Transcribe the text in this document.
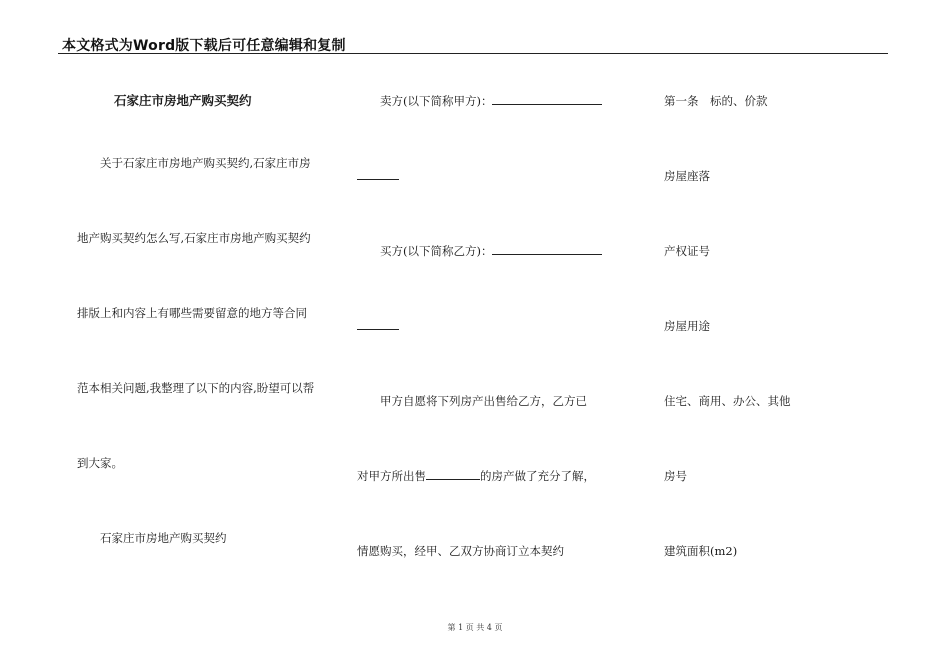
本文格式为Word版下载后可任意编辑和复制
石家庄市房地产购买契约
关于石家庄市房地产购买契约,石家庄市房
地产购买契约怎么写,石家庄市房地产购买契约
排版上和内容上有哪些需要留意的地方等合同
范本相关问题,我整理了以下的内容,盼望可以帮
到大家。
石家庄市房地产购买契约
卖方(以下简称甲方)：
买方(以下简称乙方)：
甲方自愿将下列房产出售给乙方，乙方已
对甲方所出售	的房产做了充分了解，
情愿购买，经甲、乙双方协商订立本契约
第一条　标的、价款
房屋座落
产权证号
房屋用途
住宅、商用、办公、其他
房号
建筑面积(m2)
第 1 页 共 4 页
